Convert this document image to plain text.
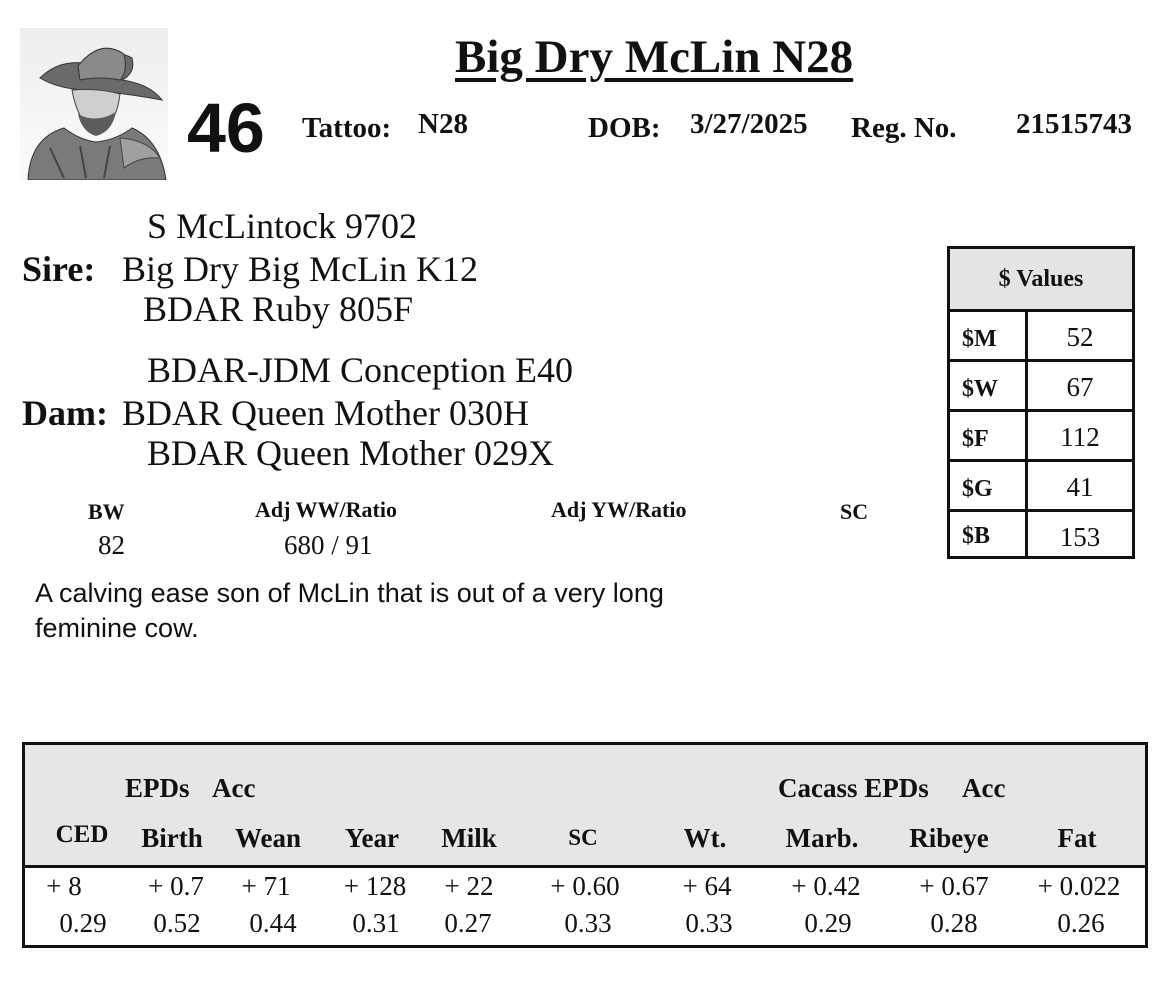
Big Dry McLin N28
46 Tattoo: N28	DOB: 3/27/2025 Reg. No. 21515743
S McLintock 9702
Sire: Big Dry Big McLin K12
BDAR Ruby 805F
BDAR-JDM Conception E40
Dam: BDAR Queen Mother 030H
BDAR Queen Mother 029X
BW
82
Adj WW/Ratio
680 / 91
Adj YW/Ratio	SC
A calving ease son of McLin that is out of a very long feminine cow.
$ Values
$M	52
$W	67
$F	112
$G	41
$B	153
EPDs Acc	Cacass EPDs Acc
CED	Birth	Wean	Year	Milk	SC	Wt.	Marb.	Ribeye	Fat
+ 8	+ 0.7	+ 71	+ 128	+ 22	+ 0.60	+ 64	+ 0.42	+ 0.67	+ 0.022
0.29	0.52	0.44	0.31	0.27	0.33	0.33	0.29	0.28	0.26
